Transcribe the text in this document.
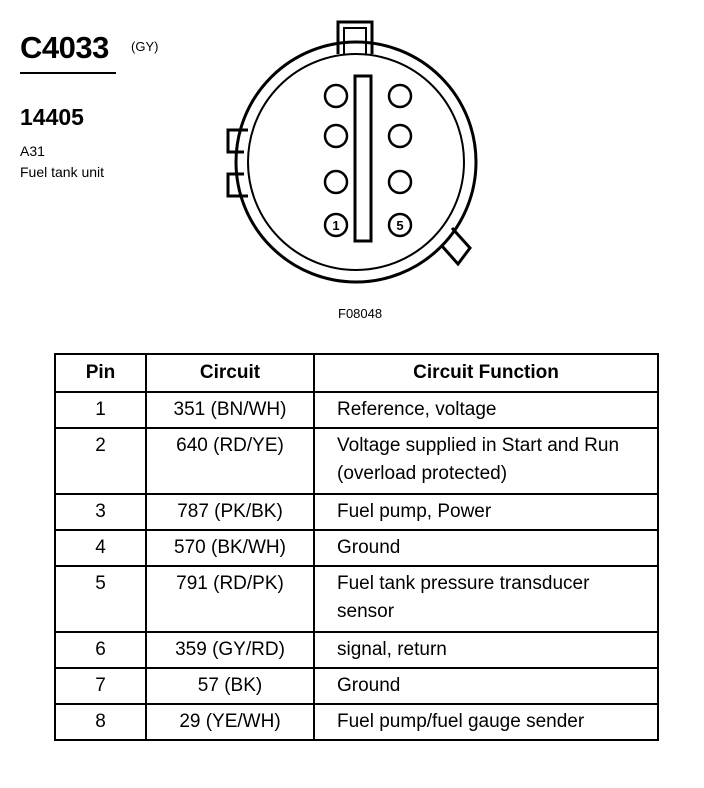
C4033 (GY)
14405
A31
Fuel tank unit
1	5
F08048
Pin	Circuit	Circuit Function
1	351 (BN/WH)	Reference, voltage
2	640 (RD/YE)	Voltage supplied in Start and Run (overload protected)
3	787 (PK/BK)	Fuel pump, Power
4	570 (BK/WH)	Ground
5	791 (RD/PK)	Fuel tank pressure transducer sensor
6	359 (GY/RD)	signal, return
7	57 (BK)	Ground
8	29 (YE/WH)	Fuel pump/fuel gauge sender
